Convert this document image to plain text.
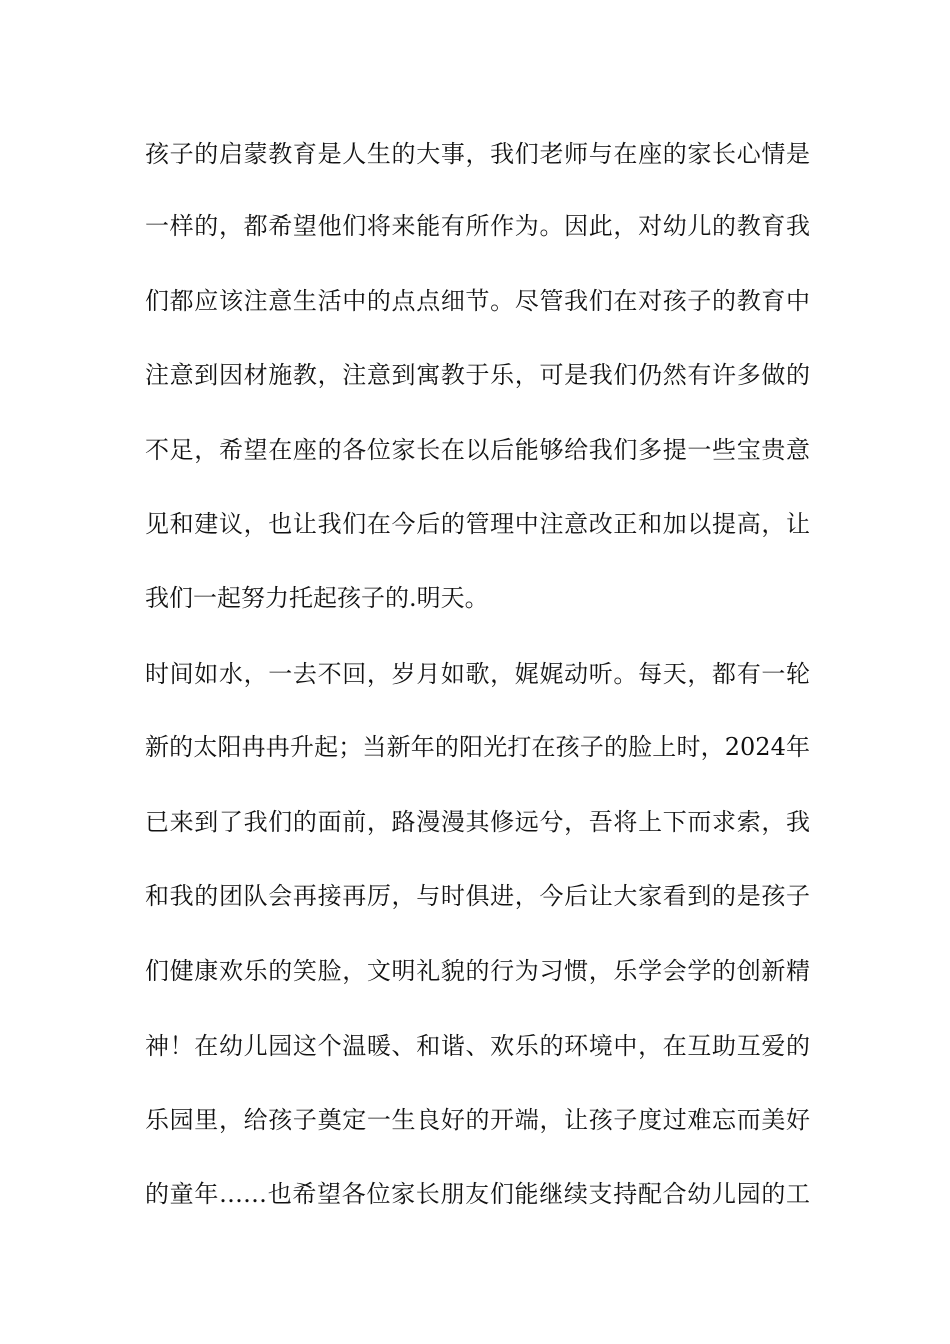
孩子的启蒙教育是人生的大事，我们老师与在座的家长心情是
一样的，都希望他们将来能有所作为。因此，对幼儿的教育我
们都应该注意生活中的点点细节。尽管我们在对孩子的教育中
注意到因材施教，注意到寓教于乐，可是我们仍然有许多做的
不足，希望在座的各位家长在以后能够给我们多提一些宝贵意
见和建议，也让我们在今后的管理中注意改正和加以提高，让
我们一起努力托起孩子的.明天。
时间如水，一去不回，岁月如歌，娓娓动听。每天，都有一轮
新的太阳冉冉升起；当新年的阳光打在孩子的脸上时，2024年
已来到了我们的面前，路漫漫其修远兮，吾将上下而求索，我
和我的团队会再接再厉，与时俱进，今后让大家看到的是孩子
们健康欢乐的笑脸，文明礼貌的行为习惯，乐学会学的创新精
神！在幼儿园这个温暖、和谐、欢乐的环境中，在互助互爱的
乐园里，给孩子奠定一生良好的开端，让孩子度过难忘而美好
的童年……也希望各位家长朋友们能继续支持配合幼儿园的工
